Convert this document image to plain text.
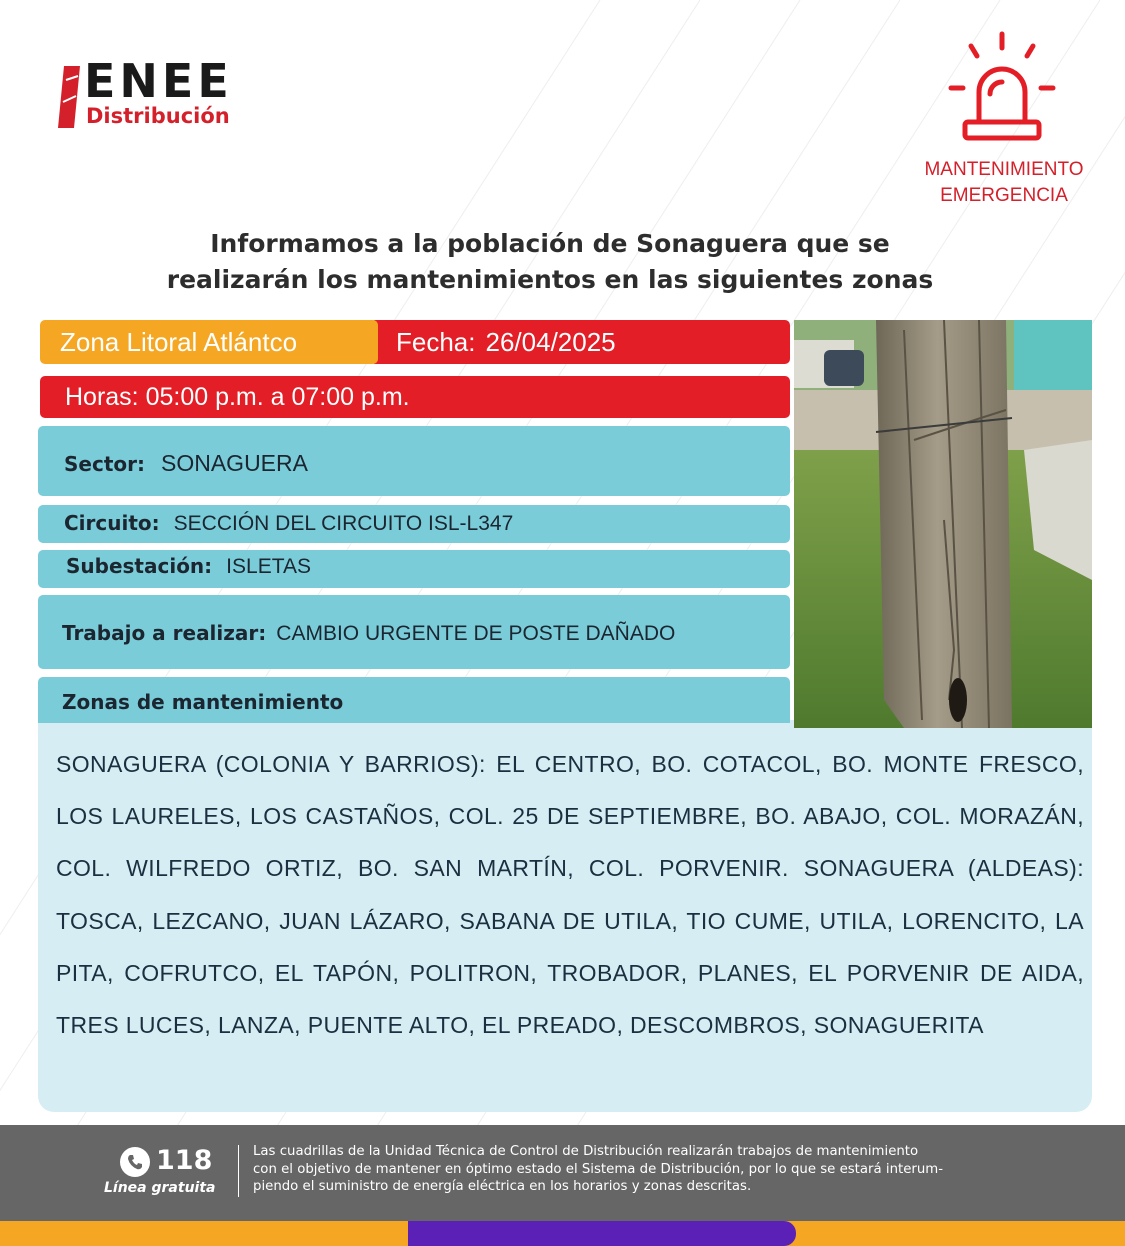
ENEE
Distribución
MANTENIMIENTO
EMERGENCIA
Informamos a la población de Sonaguera que se
realizarán los mantenimientos en las siguientes zonas
Zona Litoral Atlántco	Fecha: 26/04/2025
Horas: 05:00 p.m. a 07:00 p.m.
Sector: SONAGUERA
Circuito: SECCIÓN DEL CIRCUITO ISL-L347
Subestación: ISLETAS
Trabajo a realizar: CAMBIO URGENTE DE POSTE DAÑADO
Zonas de mantenimiento

SONAGUERA (COLONIA Y BARRIOS): EL CENTRO, BO. COTACOL, BO. MONTE FRESCO, LOS LAURELES, LOS CASTAÑOS, COL. 25 DE SEPTIEMBRE, BO. ABAJO, COL. MORAZÁN, COL. WILFREDO ORTIZ, BO. SAN MARTÍN, COL. PORVENIR. SONAGUERA (ALDEAS): TOSCA, LEZCANO, JUAN LÁZARO, SABANA DE UTILA, TIO CUME, UTILA, LORENCITO, LA PITA, COFRUTCO, EL TAPÓN, POLITRON, TROBADOR, PLANES, EL PORVENIR DE AIDA, TRES LUCES, LANZA, PUENTE ALTO, EL PREADO, DESCOMBROS, SONAGUERITA

118
Línea gratuita
Las cuadrillas de la Unidad Técnica de Control de Distribución realizarán trabajos de mantenimiento
con el objetivo de mantener en óptimo estado el Sistema de Distribución, por lo que se estará interum-
piendo el suministro de energía eléctrica en los horarios y zonas descritas.
